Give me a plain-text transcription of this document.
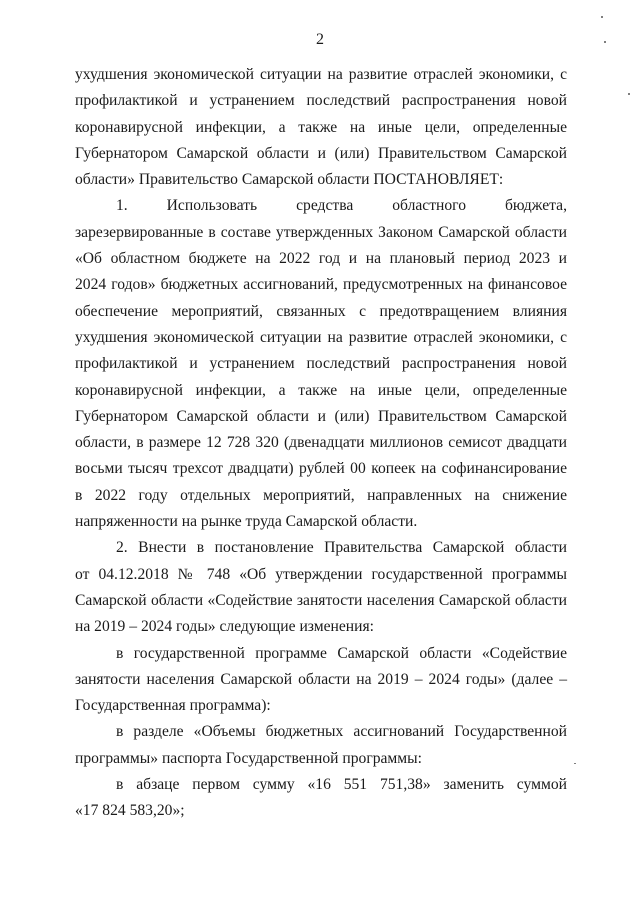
2
ухудшения экономической ситуации на развитие отраслей экономики, с
профилактикой и устранением последствий распространения новой
коронавирусной инфекции, а также на иные цели, определенные
Губернатором Самарской области и (или) Правительством Самарской
области» Правительство Самарской области ПОСТАНОВЛЯЕТ:
1. Использовать средства областного бюджета,
зарезервированные в составе утвержденных Законом Самарской области
«Об областном бюджете на 2022 год и на плановый период 2023 и
2024 годов» бюджетных ассигнований, предусмотренных на финансовое
обеспечение мероприятий, связанных с предотвращением влияния
ухудшения экономической ситуации на развитие отраслей экономики, с
профилактикой и устранением последствий распространения новой
коронавирусной инфекции, а также на иные цели, определенные
Губернатором Самарской области и (или) Правительством Самарской
области, в размере 12 728 320 (двенадцати миллионов семисот двадцати
восьми тысяч трехсот двадцати) рублей 00 копеек на софинансирование
в 2022 году отдельных мероприятий, направленных на снижение
напряженности на рынке труда Самарской области.
2. Внести в постановление Правительства Самарской области
от 04.12.2018 № 748 «Об утверждении государственной программы
Самарской области «Содействие занятости населения Самарской области
на 2019 – 2024 годы» следующие изменения:
в государственной программе Самарской области «Содействие
занятости населения Самарской области на 2019 – 2024 годы» (далее –
Государственная программа):
в разделе «Объемы бюджетных ассигнований Государственной
программы» паспорта Государственной программы:
в абзаце первом сумму «16 551 751,38» заменить суммой
«17 824 583,20»;
